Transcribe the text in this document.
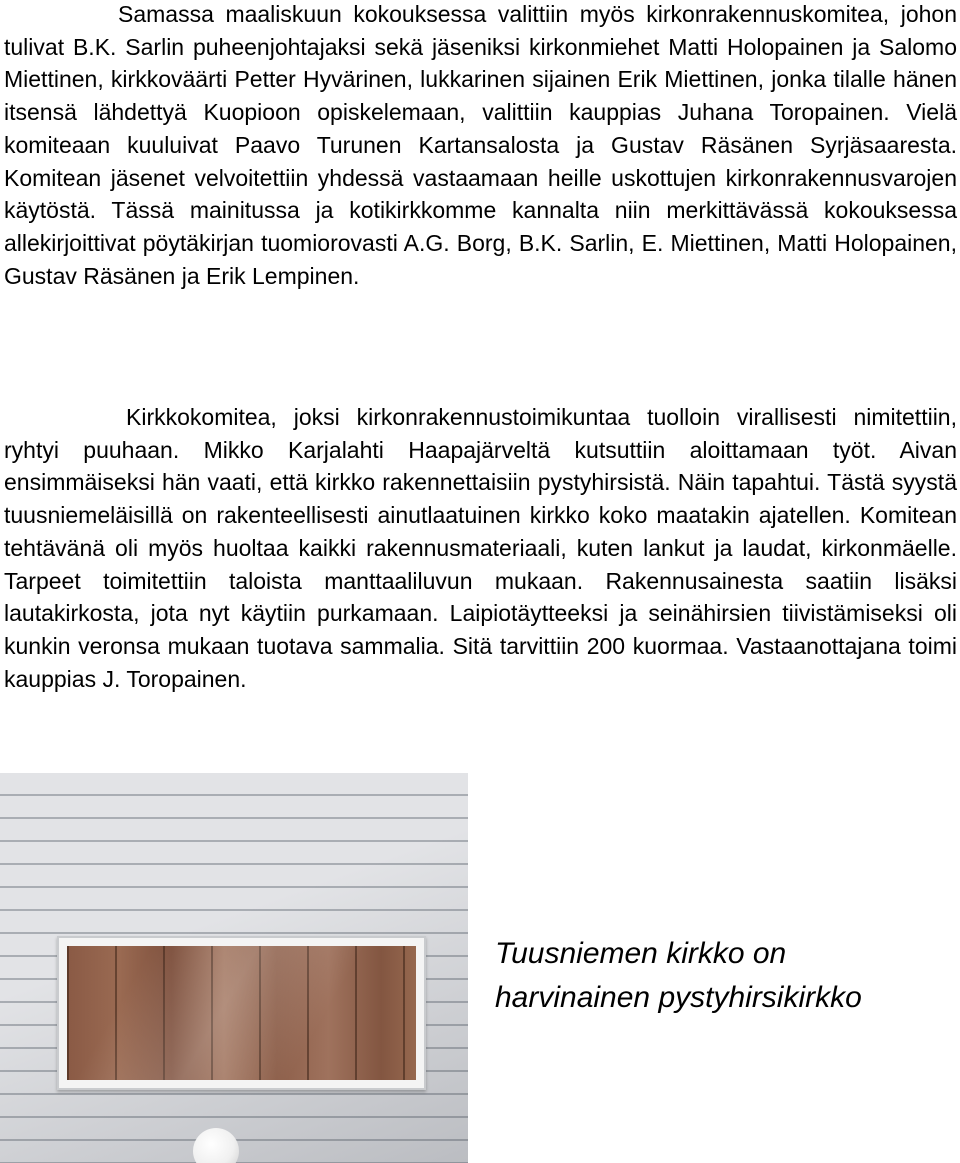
Samassa maaliskuun kokouksessa valittiin myös kirkonrakennuskomitea, johon tulivat B.K. Sarlin puheenjohtajaksi sekä jäseniksi kirkonmiehet Matti Holopainen ja Salomo Miettinen, kirkkoväärti Petter Hyvärinen, lukkarinen sijainen Erik Miettinen, jonka tilalle hänen itsensä lähdettyä Kuopioon opiskelemaan, valittiin kauppias Juhana Toropainen. Vielä komiteaan kuuluivat Paavo Turunen Kartansalosta ja Gustav Räsänen Syrjäsaaresta. Komitean jäsenet velvoitettiin yhdessä vastaamaan heille uskottujen kirkonrakennusvarojen käytöstä. Tässä mainitussa ja kotikirkkomme kannalta niin merkittävässä kokouksessa allekirjoittivat pöytäkirjan tuomiorovasti A.G. Borg, B.K. Sarlin, E. Miettinen, Matti Holopainen, Gustav Räsänen ja Erik Lempinen.

Kirkkokomitea, joksi kirkonrakennustoimikuntaa tuolloin virallisesti nimitettiin, ryhtyi puuhaan. Mikko Karjalahti Haapajärveltä kutsuttiin aloittamaan työt. Aivan ensimmäiseksi hän vaati, että kirkko rakennettaisiin pystyhirsistä. Näin tapahtui. Tästä syystä tuusniemeläisillä on rakenteellisesti ainutlaatuinen kirkko koko maatakin ajatellen. Komitean tehtävänä oli myös huoltaa kaikki rakennusmateriaali, kuten lankut ja laudat, kirkonmäelle. Tarpeet toimitettiin taloista manttaaliluvun mukaan. Rakennusainesta saatiin lisäksi lautakirkosta, jota nyt käytiin purkamaan. Laipiotäytteeksi ja seinähirsien tiivistämiseksi oli kunkin veronsa mukaan tuotava sammalia. Sitä tarvittiin 200 kuormaa. Vastaanottajana toimi kauppias J. Toropainen.

Tuusniemen kirkko on
harvinainen pystyhirsikirkko
